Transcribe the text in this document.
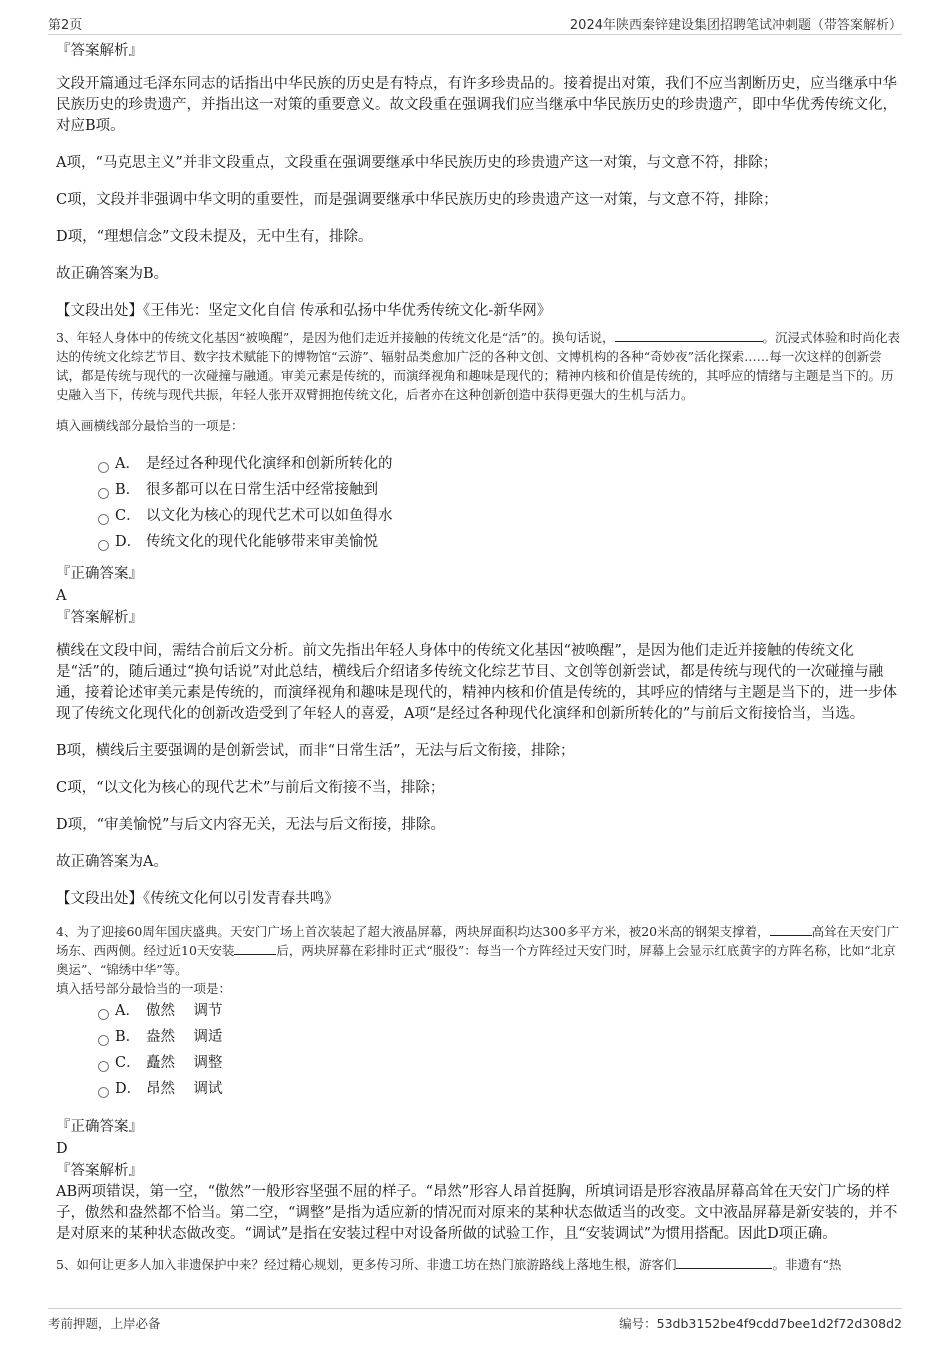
第2页	2024年陕西秦锌建设集团招聘笔试冲刺题（带答案解析）

『答案解析』

文段开篇通过毛泽东同志的话指出中华民族的历史是有特点，有许多珍贵品的。接着提出对策，我们不应当割断历史，应当继承中华民族历史的珍贵遗产，并指出这一对策的重要意义。故文段重在强调我们应当继承中华民族历史的珍贵遗产，即中华优秀传统文化，对应B项。

A项，“马克思主义”并非文段重点，文段重在强调要继承中华民族历史的珍贵遗产这一对策，与文意不符，排除；

C项，文段并非强调中华文明的重要性，而是强调要继承中华民族历史的珍贵遗产这一对策，与文意不符，排除；

D项，“理想信念”文段未提及，无中生有，排除。

故正确答案为B。

【文段出处】《王伟光：坚定文化自信 传承和弘扬中华优秀传统文化-新华网》

3、年轻人身体中的传统文化基因“被唤醒”，是因为他们走近并接触的传统文化是“活”的。换句话说，	。沉浸式体验和时尚化表达的传统文化综艺节目、数字技术赋能下的博物馆“云游”、辐射品类愈加广泛的各种文创、文博机构的各种“奇妙夜”活化探索……每一次这样的创新尝试，都是传统与现代的一次碰撞与融通。审美元素是传统的，而演绎视角和趣味是现代的；精神内核和价值是传统的，其呼应的情绪与主题是当下的。历史融入当下，传统与现代共振，年轻人张开双臂拥抱传统文化，后者亦在这种创新创造中获得更强大的生机与活力。

填入画横线部分最恰当的一项是：

A． 是经过各种现代化演绎和创新所转化的
B． 很多都可以在日常生活中经常接触到
C． 以文化为核心的现代艺术可以如鱼得水
D． 传统文化的现代化能够带来审美愉悦

『正确答案』

A

『答案解析』

横线在文段中间，需结合前后文分析。前文先指出年轻人身体中的传统文化基因“被唤醒”，是因为他们走近并接触的传统文化是“活”的，随后通过“换句话说”对此总结，横线后介绍诸多传统文化综艺节目、文创等创新尝试，都是传统与现代的一次碰撞与融通，接着论述审美元素是传统的，而演绎视角和趣味是现代的，精神内核和价值是传统的，其呼应的情绪与主题是当下的，进一步体现了传统文化现代化的创新改造受到了年轻人的喜爱，A项“是经过各种现代化演绎和创新所转化的”与前后文衔接恰当，当选。

B项，横线后主要强调的是创新尝试，而非“日常生活”，无法与后文衔接，排除；

C项，“以文化为核心的现代艺术”与前后文衔接不当，排除；

D项，“审美愉悦”与后文内容无关，无法与后文衔接，排除。

故正确答案为A。

【文段出处】《传统文化何以引发青春共鸣》

4、为了迎接60周年国庆盛典。天安门广场上首次装起了超大液晶屏幕，两块屏面积均达300多平方米，被20米高的钢架支撑着，	高耸在天安门广场东、西两侧。经过近10天安装	后，两块屏幕在彩排时正式“服役”：每当一个方阵经过天安门时，屏幕上会显示红底黄字的方阵名称，比如“北京奥运”、“锦绣中华”等。

填入括号部分最恰当的一项是：

A． 傲然 调节
B． 盎然 调适
C． 矗然 调整
D． 昂然 调试

『正确答案』

D

『答案解析』

AB两项错误，第一空，“傲然”一般形容坚强不屈的样子。“昂然”形容人昂首挺胸，所填词语是形容液晶屏幕高耸在天安门广场的样子，傲然和盎然都不恰当。第二空，“调整”是指为适应新的情况而对原来的某种状态做适当的改变。文中液晶屏幕是新安装的，并不是对原来的某种状态做改变。“调试”是指在安装过程中对设备所做的试验工作，且“安装调试”为惯用搭配。因此D项正确。

5、如何让更多人加入非遗保护中来？经过精心规划，更多传习所、非遗工坊在热门旅游路线上落地生根，游客们	。非遗有“热

考前押题，上岸必备	编号：53db3152be4f9cdd7bee1d2f72d308d2
